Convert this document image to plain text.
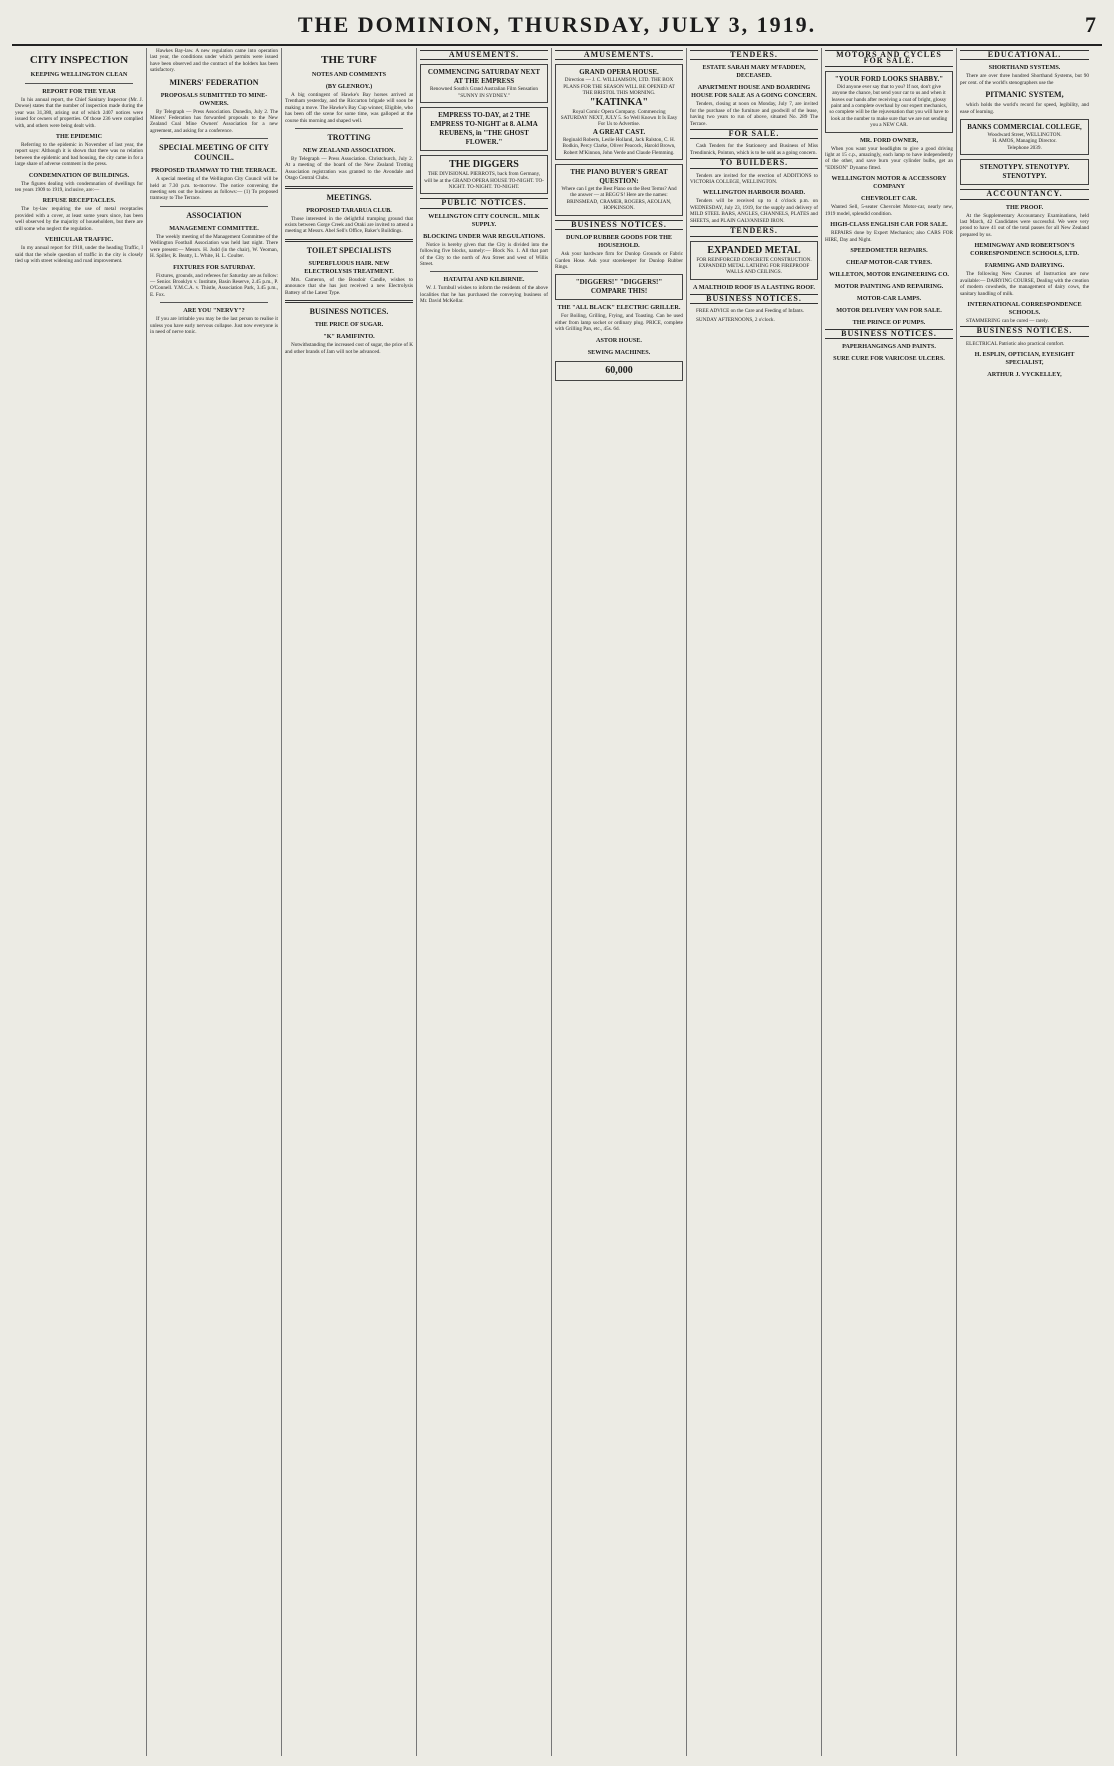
THE DOMINION, THURSDAY, JULY 3, 1919.	7
CITY INSPECTION
KEEPING WELLINGTON CLEAN
REPORT FOR THE YEAR

In his annual report, the Chief Sanitary Inspector (Mr. J. Dowse) states that the number of inspection made during the year was 31,380, arising out of which 2407 notices were issued for owners of properties. Of those 236 were complied with, and others were being dealt with.

THE EPIDEMIC

Referring to the epidemic in November of last year, the report says: Although it is shown that there was no relation between the epidemic and bad housing, the city came in for a large share of adverse comment in the press.

CONDEMNATION OF BUILDINGS.

The figures dealing with condemnation of dwellings for ten years 1909 to 1919, inclusive, are:—

REFUSE RECEPTACLES.

The by-law requiring the use of metal receptacles provided with a cover, at least some years since, has been well observed by the majority of householders, but there are still some who neglect the regulation.

VEHICULAR TRAFFIC.

In my annual report for 1918, under the heading Traffic, I said that the whole question of traffic in the city is closely tied up with street widening and road improvement.

Hawkes Bay-law. A new regulation came into operation last year, the conditions under which permits were issued have been observed and the contract of the holders has been satisfactory.

MINERS' FEDERATION
PROPOSALS SUBMITTED TO MINE-OWNERS.

By Telegraph — Press Association. Dunedin, July 2. The Miners' Federation has forwarded proposals to the New Zealand Coal Mine Owners' Association for a new agreement, and asking for a conference.

SPECIAL MEETING OF CITY COUNCIL.
PROPOSED TRAMWAY TO THE TERRACE.

A special meeting of the Wellington City Council will be held at 7.30 p.m. to-morrow. The notice convening the meeting sets out the business as follows:— (1) To proposed tramway to The Terrace.

ASSOCIATION
MANAGEMENT COMMITTEE.

The weekly meeting of the Management Committee of the Wellington Football Association was held last night. There were present:— Messrs. H. Judd (in the chair), W. Yeoman, H. Spiller, R. Beatty, L. White, H. L. Coulter.

FIXTURES FOR SATURDAY.

Fixtures, grounds, and referees for Saturday are as follow:— Senior. Brooklyn v. Institute, Basin Reserve, 2.45 p.m., P. O'Connell. Y.M.C.A. v. Thistle, Association Park, 3.45 p.m., E. Fox.

ARE YOU "NERVY"?

If you are irritable you may be the last person to realise it unless you have early nervous collapse. Just now everyone is in need of nerve tonic.

THE TURF
NOTES AND COMMENTS
(BY GLENROY.)

A big contingent of Hawke's Bay horses arrived at Trentham yesterday, and the Riccarton brigade will soon be making a move. The Hawke's Bay Cup winner, Eligible, who has been off the scene for some time, was galloped at the course this morning and shaped well.

TROTTING
NEW ZEALAND ASSOCIATION.

By Telegraph — Press Association. Christchurch, July 2. At a meeting of the board of the New Zealand Trotting Association registration was granted to the Avondale and Otago Central Clubs.

MEETINGS.
PROPOSED TARARUA CLUB.

Those interested in the delightful tramping ground that exists between Gorge Creek and Otaki are invited to attend a meeting at Messrs. Abel Sell's Office, Baker's Buildings.

TOILET SPECIALISTS
SUPERFLUOUS HAIR. NEW ELECTROLYSIS TREATMENT.

Mrs. Cameron, of the Boudoir Candle, wishes to announce that she has just received a new Electrolysis Battery of the Latest Type.

BUSINESS NOTICES.
THE PRICE OF SUGAR.
"K" RAMIFINTO.

Notwithstanding the increased cost of sugar, the price of K and other brands of Jam will not be advanced.

AMUSEMENTS.
COMMENCING SATURDAY NEXT AT THE EMPRESS
Renowned South's Grand Australian Film Sensation "SUNNY IN SYDNEY."
EMPRESS TO-DAY, at 2 THE EMPRESS TO-NIGHT at 8. ALMA REUBENS, in "THE GHOST FLOWER."
THE DIGGERS
THE DIVISIONAL PIERROTS, back from Germany, will be at the GRAND OPERA HOUSE TO-NIGHT. TO-NIGHT. TO-NIGHT. TO-NIGHT.
PUBLIC NOTICES.
WELLINGTON CITY COUNCIL. MILK SUPPLY.
BLOCKING UNDER WAR REGULATIONS.

Notice is hereby given that the City is divided into the following five blocks, namely:— Block No. 1. All that part of the City to the north of Ava Street and west of Willis Street.

HATAITAI AND KILBIRNIE.

W. J. Turnbull wishes to inform the residents of the above localities that he has purchased the conveying business of Mr. David McKellar.

AMUSEMENTS.
GRAND OPERA HOUSE.
Direction — J. C. WILLIAMSON, LTD. THE BOX PLANS FOR THE SEASON WILL BE OPENED AT THE BRISTOL THIS MORNING.
"KATINKA"
Royal Comic Opera Company. Commencing SATURDAY NEXT, JULY 5. So Well Known It Is Easy For Us to Advertise.
A GREAT CAST.
Reginald Roberts, Leslie Holland, Jack Ralston, C. H. Bodkin, Percy Clarke, Oliver Peacock, Harold Brown, Robert M'Kinnon, John Verde and Claude Flemming.
THE PIANO BUYER'S GREAT QUESTION:
Where can I get the Best Piano on the Best Terms? And the answer — at BEGG'S! Here are the names: BRINSMEAD, CRAMER, ROGERS, AEOLIAN, HOPKINSON.
BUSINESS NOTICES.
DUNLOP RUBBER GOODS FOR THE HOUSEHOLD.

Ask your hardware firm for Dunlop Grounds or Fabric Garden Hose. Ask your storekeeper for Dunlop Rubber Rings.

"DIGGERS!" "DIGGERS!" COMPARE THIS!
THE "ALL BLACK" ELECTRIC GRILLER.

For Boiling, Grilling, Frying, and Toasting. Can be used either from lamp socket or ordinary plug. PRICE, complete with Grilling Pan, etc., 45s. 6d.

ASTOR HOUSE.
SEWING MACHINES.
60,000
TENDERS.
ESTATE SARAH MARY M'FADDEN, DECEASED.
APARTMENT HOUSE AND BOARDING HOUSE FOR SALE AS A GOING CONCERN.

Tenders, closing at noon on Monday, July 7, are invited for the purchase of the furniture and goodwill of the lease, having two years to run of above, situated No. 289 The Terrace.

FOR SALE.

Cash Tenders for the Stationery and Business of Miss Trendinnick, Pointon, which is to be sold as a going concern.

TO BUILDERS.

Tenders are invited for the erection of ADDITIONS to VICTORIA COLLEGE, WELLINGTON.

WELLINGTON HARBOUR BOARD.

Tenders will be received up to 4 o'clock p.m. on WEDNESDAY, July 23, 1919, for the supply and delivery of MILD STEEL BARS, ANGLES, CHANNELS, PLATES and SHEETS, and PLAIN GALVANISED IRON.

TENDERS.
EXPANDED METAL
FOR REINFORCED CONCRETE CONSTRUCTION. EXPANDED METAL LATHING FOR FIREPROOF WALLS AND CEILINGS.
A MALTHOID ROOF IS A LASTING ROOF.
BUSINESS NOTICES.

FREE ADVICE on the Care and Feeding of Infants.

SUNDAY AFTERNOONS, 2 o'clock.

MOTORS AND CYCLES FOR SALE.
"YOUR FORD LOOKS SHABBY."
Did anyone ever say that to you? If not, don't give anyone the chance, but send your car to us and when it leaves our hands after receiving a coat of bright, glossy paint and a complete overhaul by our expert mechanics, so complete will be the rejuvenation that you will have to look at the number to make sure that we are not sending you a NEW CAR.
MR. FORD OWNER,

When you want your headlights to give a good driving light at 15 c.p., amazingly, each lamp to have independently of the other, and save burn your cylinder bulbs, get an "EDISON" Dynamo fitted.

WELLINGTON MOTOR & ACCESSORY COMPANY
CHEVROLET CAR.

Wanted Sell, 5-seater Chevrolet Motor-car, nearly new, 1919 model, splendid condition.

HIGH-CLASS ENGLISH CAR FOR SALE.

REPAIRS done by Expert Mechanics; also CARS FOR HIRE, Day and Night.

SPEEDOMETER REPAIRS.
CHEAP MOTOR-CAR TYRES.
WILLETON, MOTOR ENGINEERING CO.
MOTOR PAINTING AND REPAIRING.
MOTOR-CAR LAMPS.
MOTOR DELIVERY VAN FOR SALE.
THE PRINCE OF PUMPS.
BUSINESS NOTICES.
PAPERHANGINGS AND PAINTS.
SURE CURE FOR VARICOSE ULCERS.
EDUCATIONAL.
SHORTHAND SYSTEMS.

There are over three hundred Shorthand Systems, but 90 per cent. of the world's stenographers use the

PITMANIC SYSTEM,

which holds the world's record for speed, legibility, and ease of learning.

BANKS COMMERCIAL COLLEGE,
Woodward Street, WELLINGTON.
H. AMOS, Managing Director.
Telephone 2039.
STENOTYPY. STENOTYPY. STENOTYPY.
ACCOUNTANCY.
THE PROOF.

At the Supplementary Accountancy Examinations, held last March, 42 Candidates were successful. We were very proud to have 41 out of the total passes for all New Zealand prepared by us.

HEMINGWAY AND ROBERTSON'S CORRESPONDENCE SCHOOLS, LTD.
FARMING AND DAIRYING.

The following New Courses of Instruction are now available:— DAIRYING COURSE, Dealing with the creation of modern cowsheds, the management of dairy cows, the sanitary handling of milk.

INTERNATIONAL CORRESPONDENCE SCHOOLS.

STAMMERING can be cured — rarely.

BUSINESS NOTICES.

ELECTRICAL Patriotic also practical comfort.

H. ESPLIN, OPTICIAN, EYESIGHT SPECIALIST,
ARTHUR J. VYCKELLEY,
